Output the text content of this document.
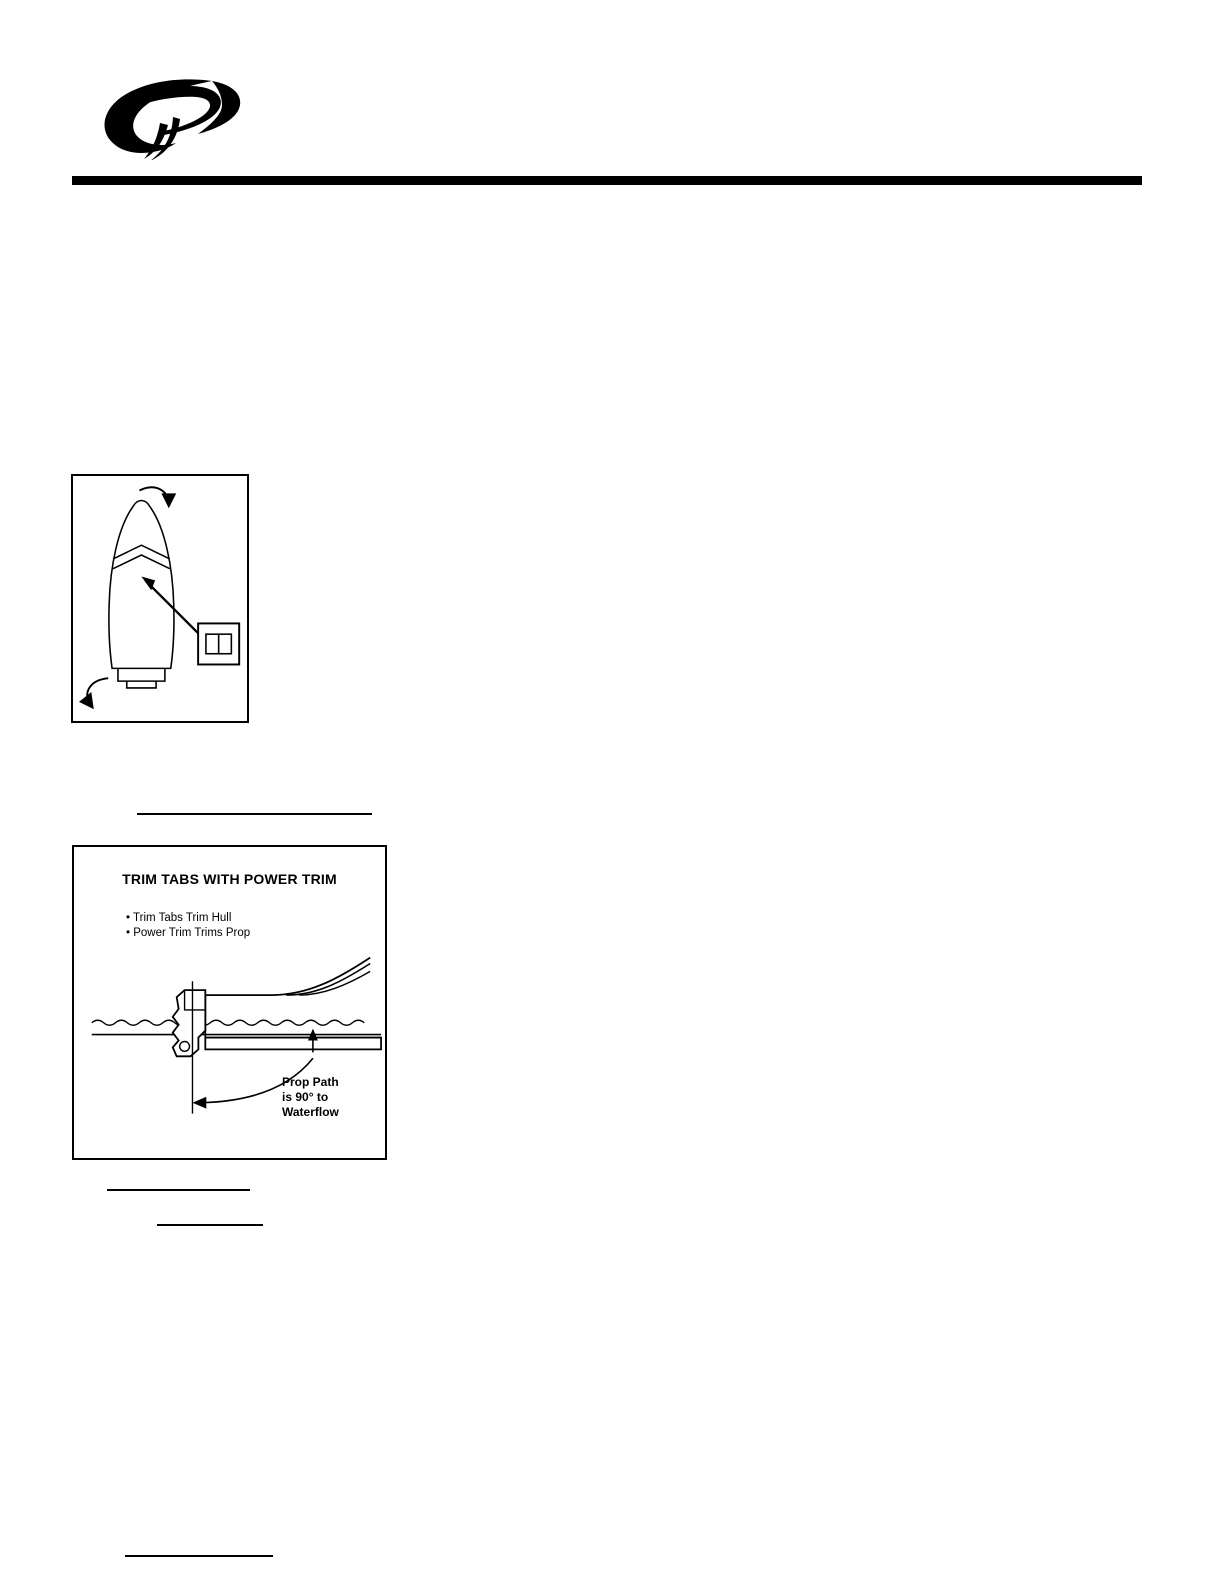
TRIM TABS WITH POWER TRIM
• Trim Tabs Trim Hull
• Power Trim Trims Prop
Prop Path
is 90° to
Waterflow
